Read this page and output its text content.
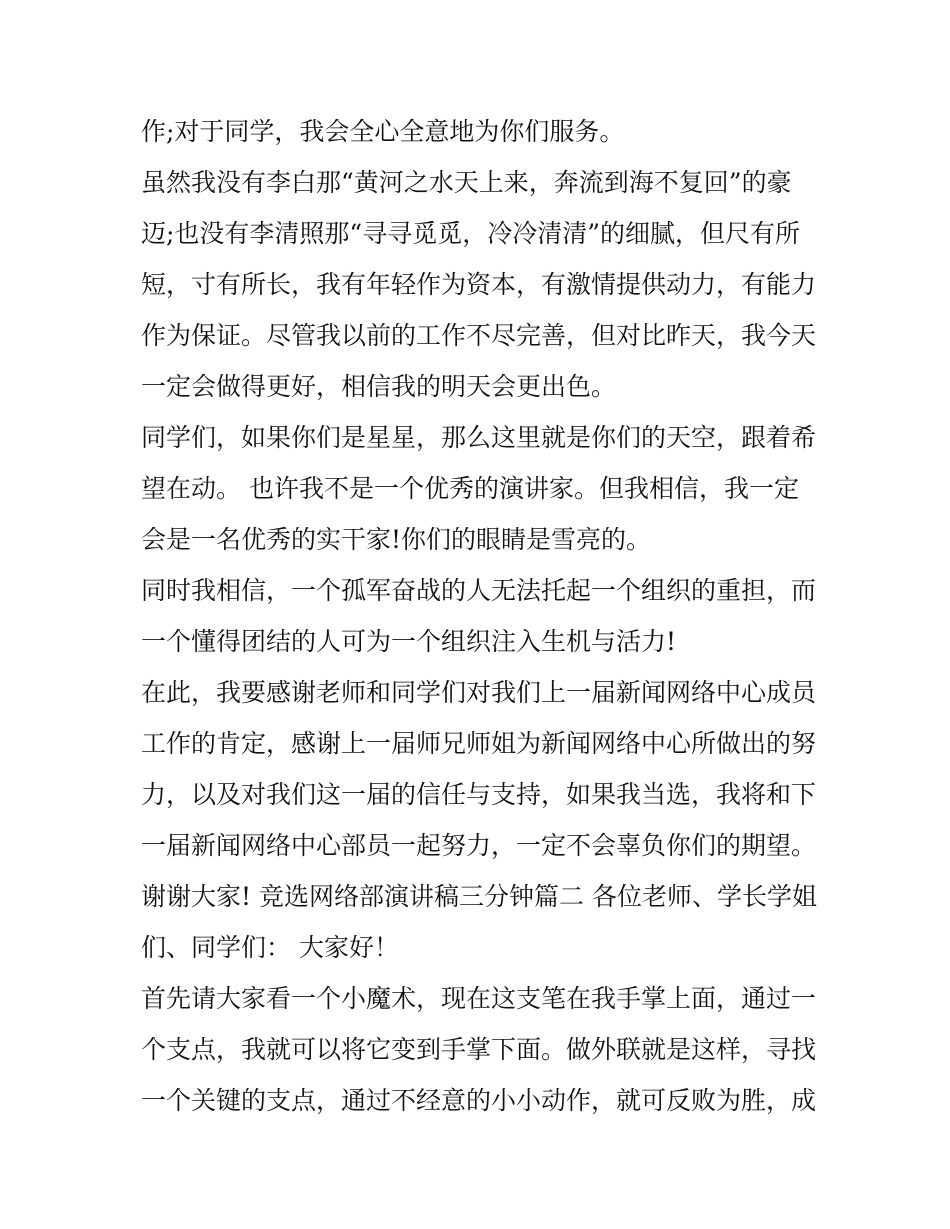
作;对于同学，我会全心全意地为你们服务。
虽然我没有李白那“黄河之水天上来，奔流到海不复回”的豪
迈;也没有李清照那“寻寻觅觅，冷冷清清”的细腻，但尺有所
短，寸有所长，我有年轻作为资本，有激情提供动力，有能力
作为保证。尽管我以前的工作不尽完善，但对比昨天，我今天
一定会做得更好，相信我的明天会更出色。
同学们，如果你们是星星，那么这里就是你们的天空，跟着希
望在动。 也许我不是一个优秀的演讲家。但我相信，我一定
会是一名优秀的实干家!你们的眼睛是雪亮的。
同时我相信，一个孤军奋战的人无法托起一个组织的重担，而
一个懂得团结的人可为一个组织注入生机与活力!
在此，我要感谢老师和同学们对我们上一届新闻网络中心成员
工作的肯定，感谢上一届师兄师姐为新闻网络中心所做出的努
力，以及对我们这一届的信任与支持，如果我当选，我将和下
一届新闻网络中心部员一起努力，一定不会辜负你们的期望。
谢谢大家! 竞选网络部演讲稿三分钟篇二 各位老师、学长学姐
们、同学们： 大家好！
首先请大家看一个小魔术，现在这支笔在我手掌上面，通过一
个支点，我就可以将它变到手掌下面。做外联就是这样，寻找
一个关键的支点，通过不经意的小小动作，就可反败为胜，成
